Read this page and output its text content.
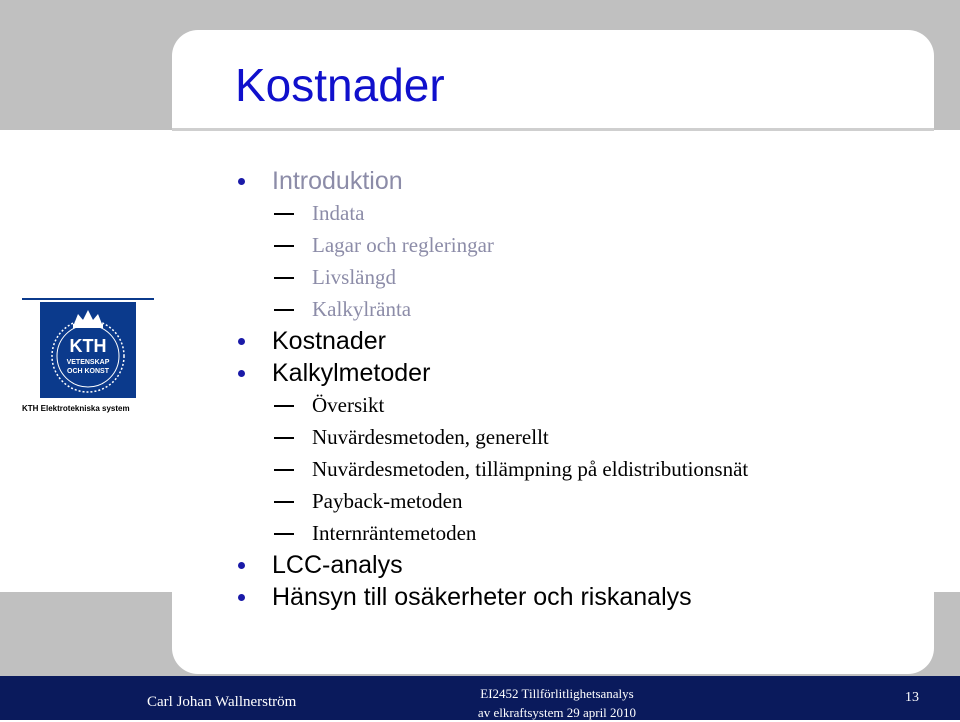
Kostnader
KTH
VETENSKAP
OCH KONST
KTH Elektrotekniska system
Introduktion
Indata
Lagar och regleringar
Livslängd
Kalkylränta
Kostnader
Kalkylmetoder
Översikt
Nuvärdesmetoden, generellt
Nuvärdesmetoden, tillämpning på eldistributionsnät
Payback-metoden
Internräntemetoden
LCC-analys
Hänsyn till osäkerheter och riskanalys
Carl Johan Wallnerström
EI2452 Tillförlitlighetsanalys
av elkraftsystem 29 april 2010
13
